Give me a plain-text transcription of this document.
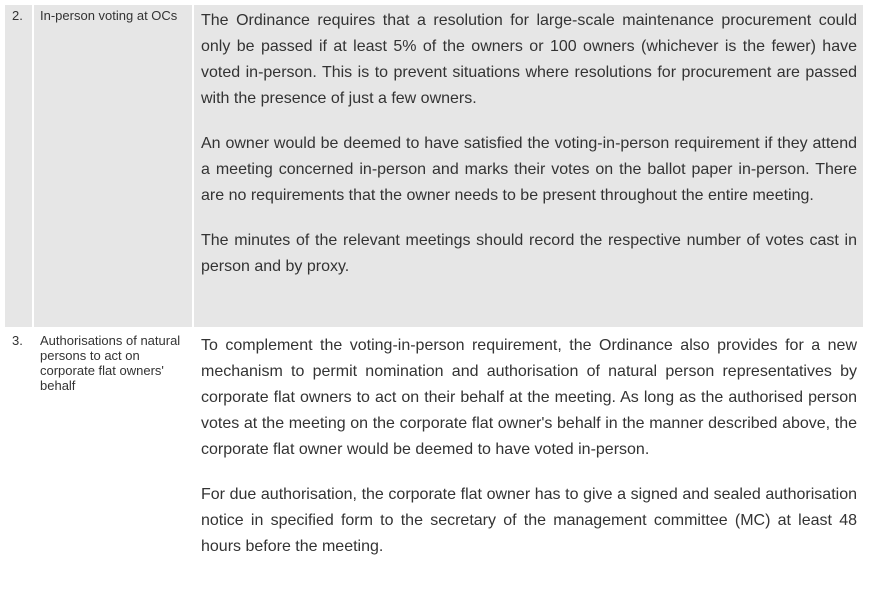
2.	In-person voting at OCs	The Ordinance requires that a resolution for large-scale maintenance procurement could only be passed if at least 5% of the owners or 100 owners (whichever is the fewer) have voted in-person. This is to prevent situations where resolutions for procurement are passed with the presence of just a few owners.

An owner would be deemed to have satisfied the voting-in-person requirement if they attend a meeting concerned in-person and marks their votes on the ballot paper in-person. There are no requirements that the owner needs to be present throughout the entire meeting.

The minutes of the relevant meetings should record the respective number of votes cast in person and by proxy.

3.	Authorisations of natural persons to act on corporate flat owners' behalf

To complement the voting-in-person requirement, the Ordinance also provides for a new mechanism to permit nomination and authorisation of natural person representatives by corporate flat owners to act on their behalf at the meeting. As long as the authorised person votes at the meeting on the corporate flat owner's behalf in the manner described above, the corporate flat owner would be deemed to have voted in-person.

For due authorisation, the corporate flat owner has to give a signed and sealed authorisation notice in specified form to the secretary of the management committee (MC) at least 48 hours before the meeting.
